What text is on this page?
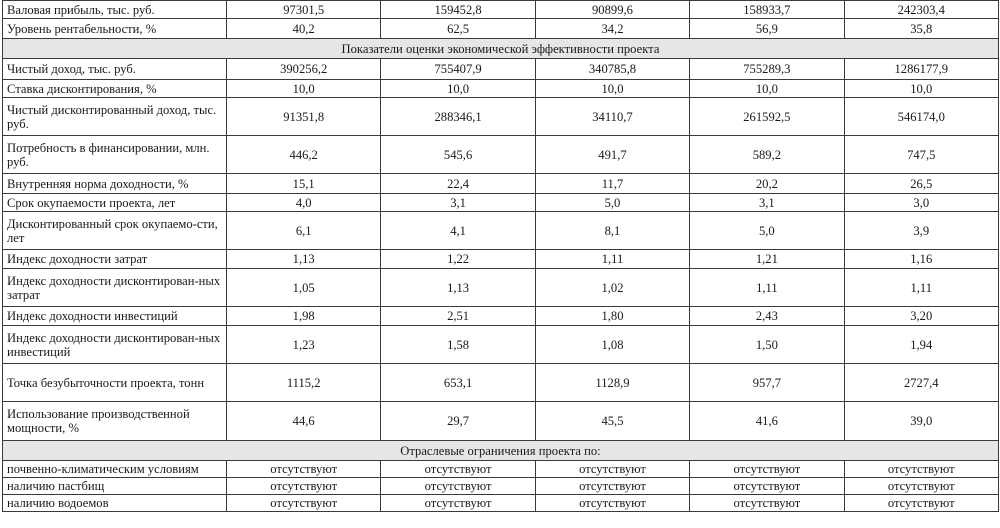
Валовая прибыль, тыс. руб.	97301,5	159452,8	90899,6	158933,7	242303,4
Уровень рентабельности, %	40,2	62,5	34,2	56,9	35,8
Показатели оценки экономической эффективности проекта					
Чистый доход, тыс. руб.	390256,2	755407,9	340785,8	755289,3	1286177,9
Ставка дисконтирования, %	10,0	10,0	10,0	10,0	10,0
Чистый дисконтированный доход, тыс. руб.	91351,8	288346,1	34110,7	261592,5	546174,0
Потребность в финансировании, млн. руб.	446,2	545,6	491,7	589,2	747,5
Внутренняя норма доходности, %	15,1	22,4	11,7	20,2	26,5
Срок окупаемости проекта, лет	4,0	3,1	5,0	3,1	3,0
Дисконтированный срок окупаемо-сти, лет	6,1	4,1	8,1	5,0	3,9
Индекс доходности затрат	1,13	1,22	1,11	1,21	1,16
Индекс доходности дисконтирован-ных затрат	1,05	1,13	1,02	1,11	1,11
Индекс доходности инвестиций	1,98	2,51	1,80	2,43	3,20
Индекс доходности дисконтирован-ных инвестиций	1,23	1,58	1,08	1,50	1,94
Точка безубыточности проекта, тонн	1115,2	653,1	1128,9	957,7	2727,4
Использование производственной мощности, %	44,6	29,7	45,5	41,6	39,0
Отраслевые ограничения проекта по:					
почвенно-климатическим условиям	отсутствуют	отсутствуют	отсутствуют	отсутствуют	отсутствуют
наличию пастбищ	отсутствуют	отсутствуют	отсутствуют	отсутствуют	отсутствуют
наличию водоемов	отсутствуют	отсутствуют	отсутствуют	отсутствуют	отсутствуют
